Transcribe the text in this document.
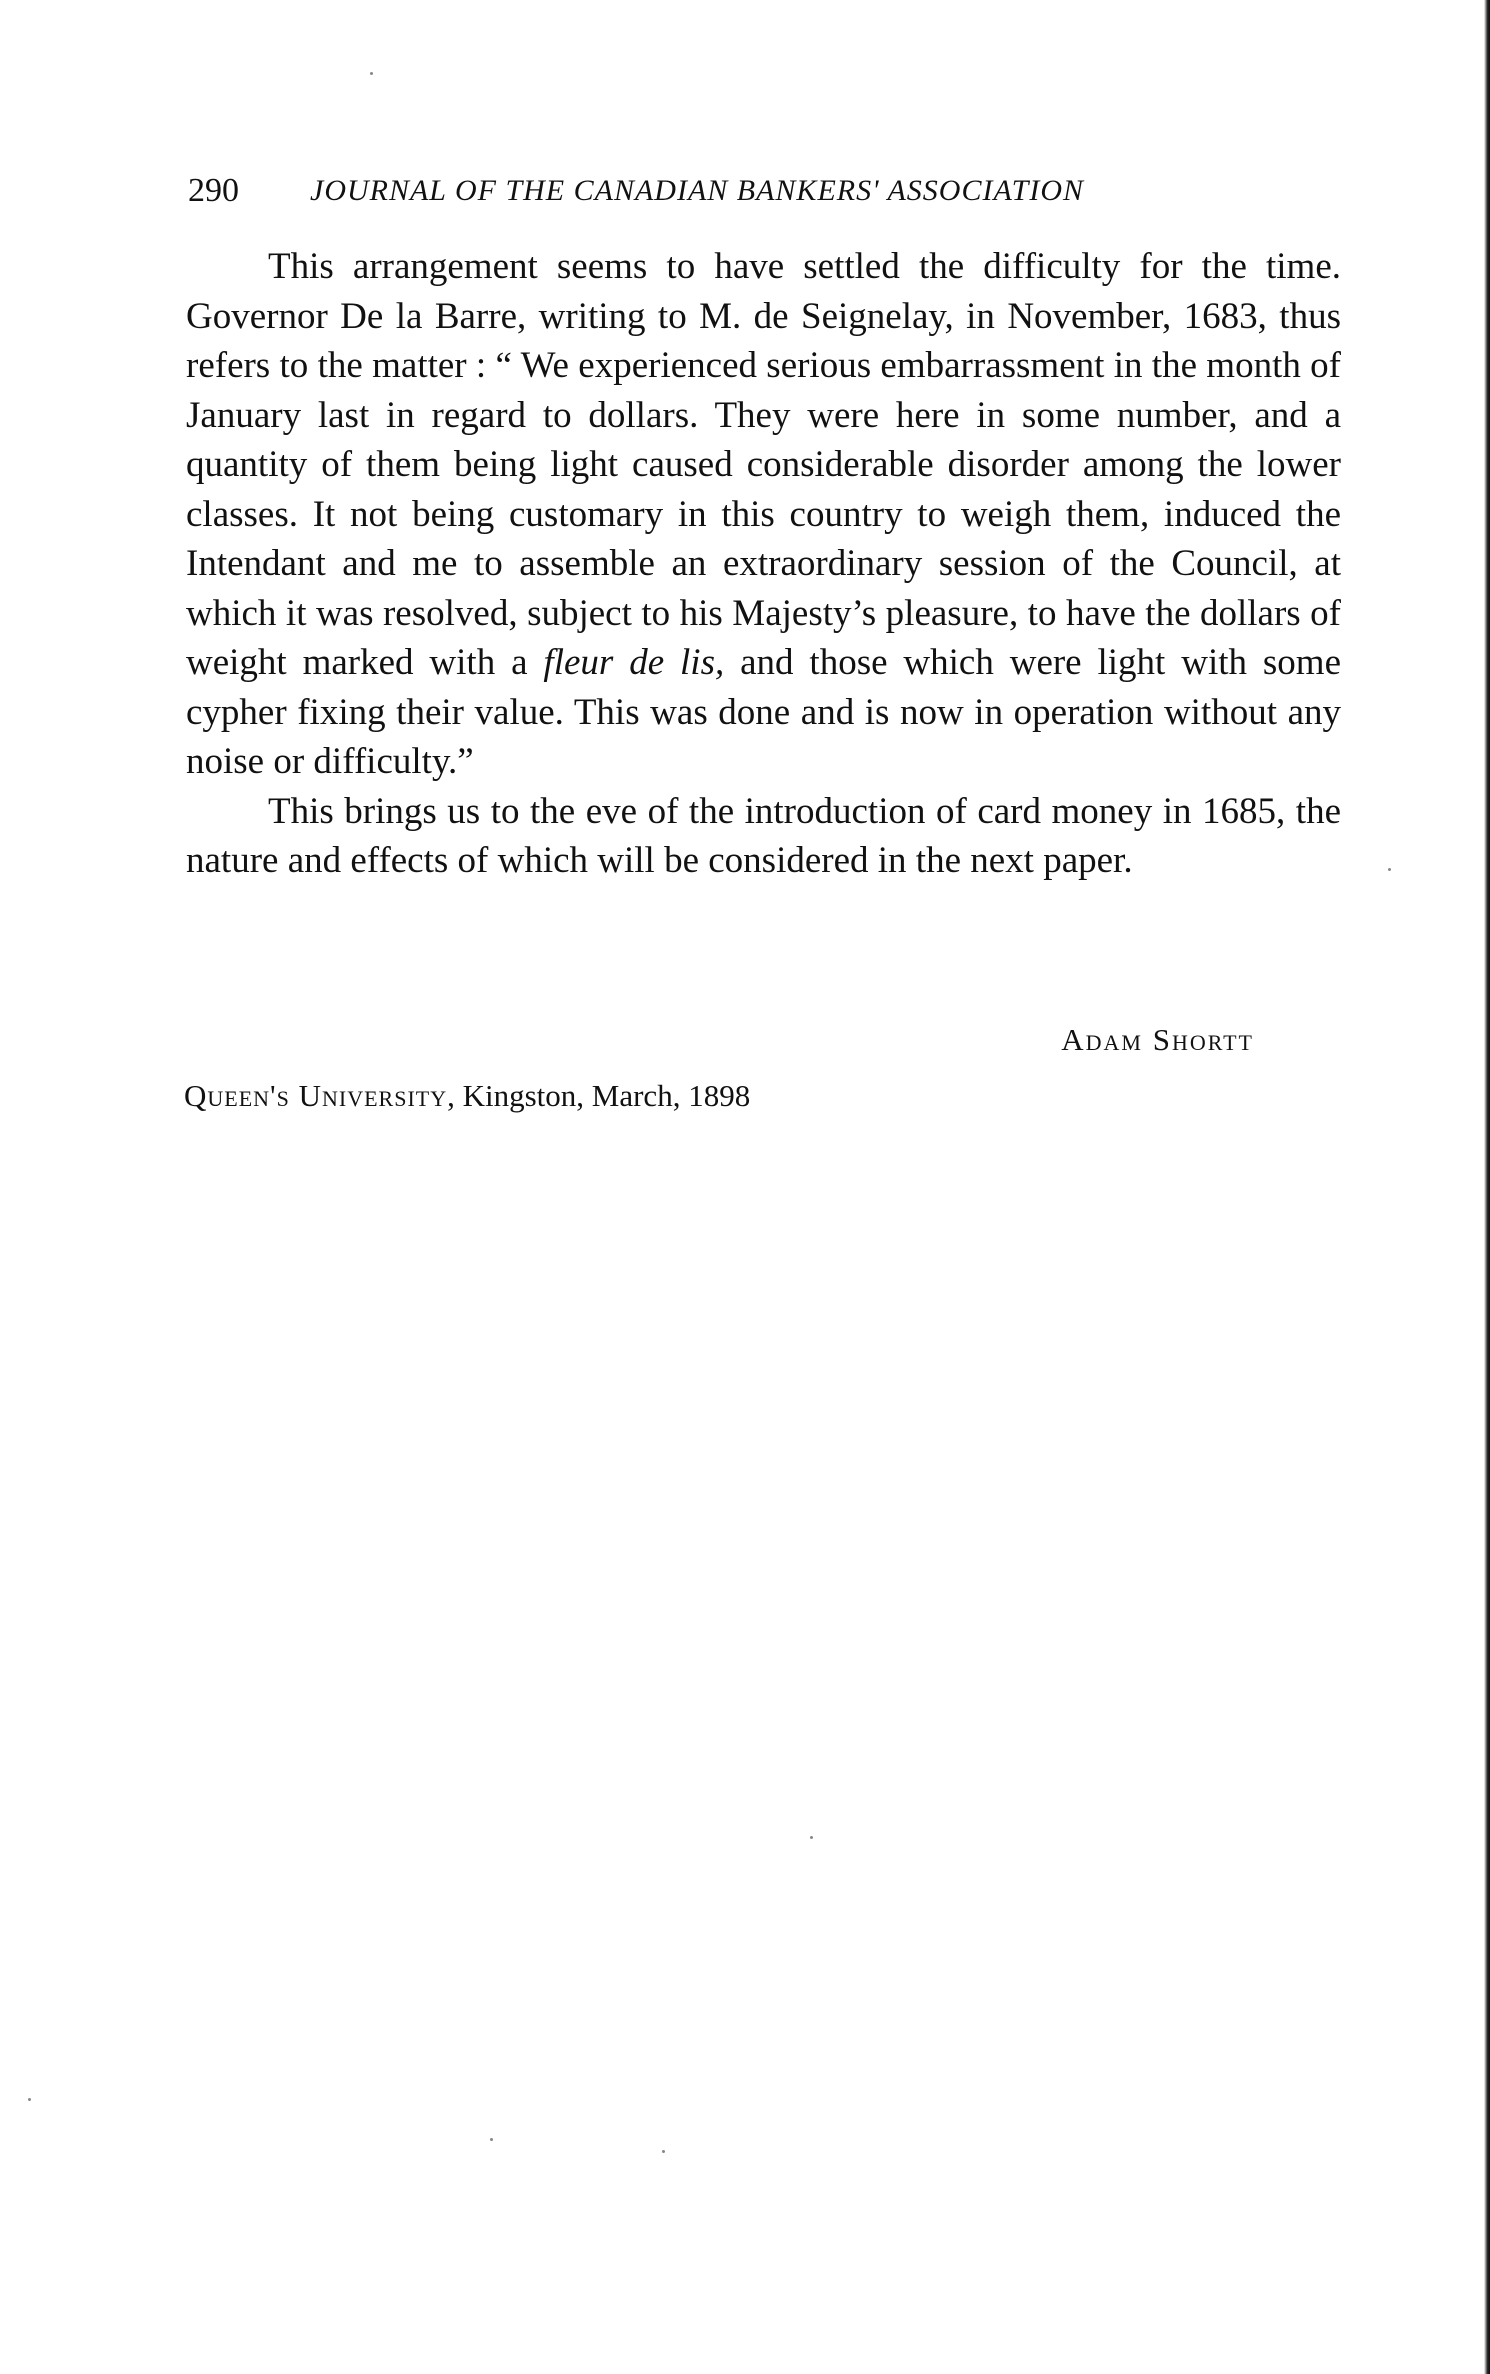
290 JOURNAL OF THE CANADIAN BANKERS' ASSOCIATION

This arrangement seems to have settled the difficulty for the time. Governor De la Barre, writing to M. de Seignelay, in November, 1683, thus refers to the matter : “ We experienced serious embarrassment in the month of January last in regard to dollars. They were here in some number, and a quantity of them being light caused considerable disorder among the lower classes. It not being customary in this country to weigh them, induced the Intendant and me to assemble an extraordinary session of the Council, at which it was resolved, subject to his Majesty’s pleasure, to have the dollars of weight marked with a fleur de lis, and those which were light with some cypher fixing their value. This was done and is now in operation without any noise or difficulty.”

This brings us to the eve of the introduction of card money in 1685, the nature and effects of which will be considered in the next paper.

Adam Shortt
Queen's University, Kingston, March, 1898
